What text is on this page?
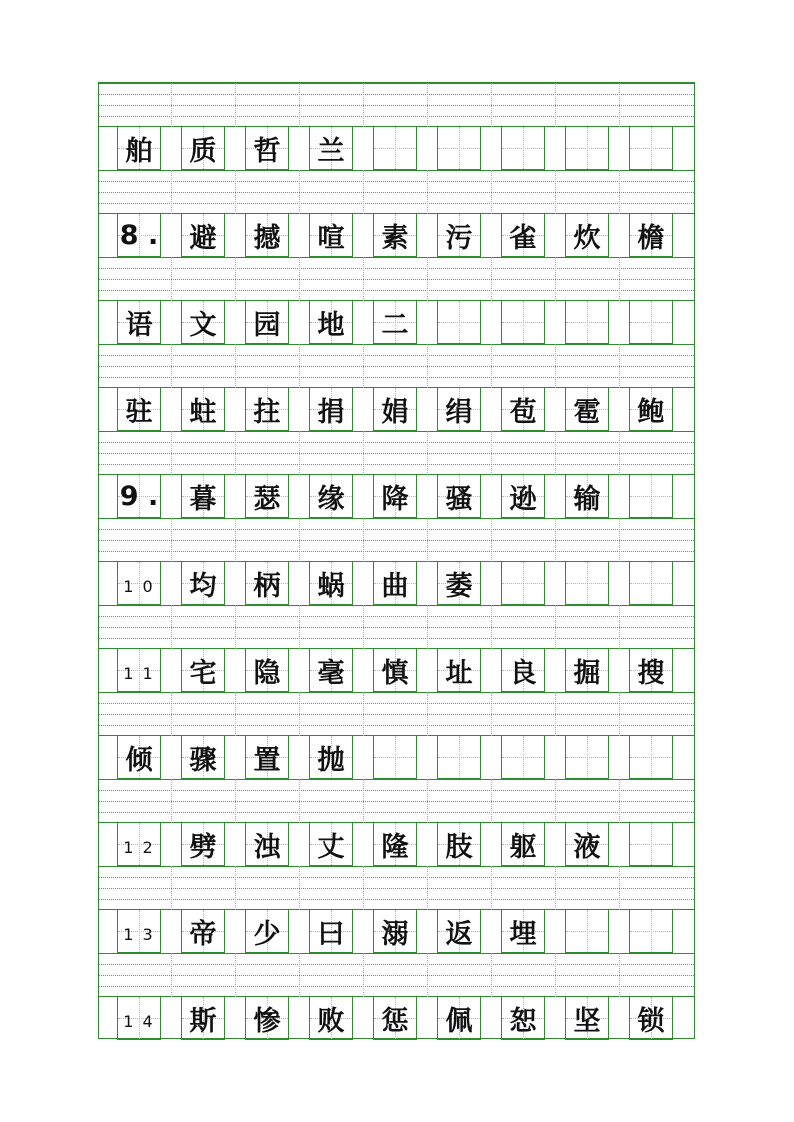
舶 质 哲 兰
8 . 避 撼 喧 素 污 雀 炊 檐
语 文 园 地 二
驻 蛀 拄 捐 娟 绢 苞 雹 鲍
9 . 暮 瑟 缘 降 骚 逊 输
1 0 均 柄 蜗 曲 萎
1 1 宅 隐 毫 慎 址 良 掘 搜
倾 骤 置 抛
1 2 劈 浊 丈 隆 肢 躯 液
1 3 帝 少 曰 溺 返 埋
1 4 斯 惨 败 惩 佩 恕 坚 锁
